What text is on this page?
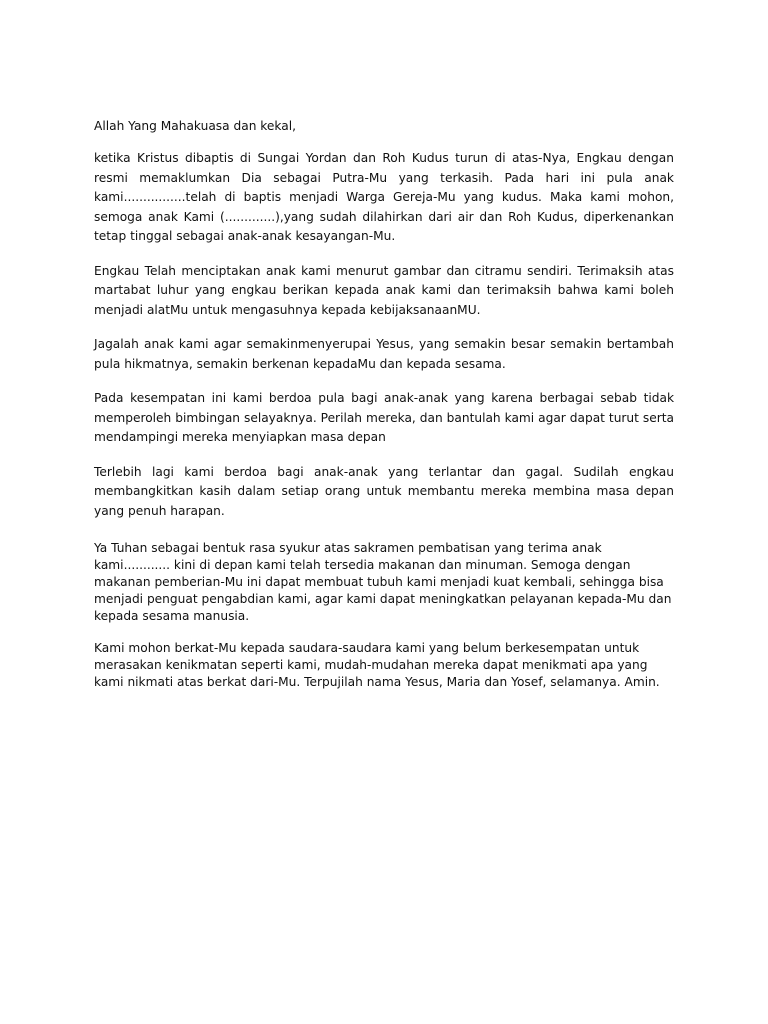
Allah Yang Mahakuasa dan kekal,

ketika Kristus dibaptis di Sungai Yordan dan Roh Kudus turun di atas-Nya, Engkau dengan resmi memaklumkan Dia sebagai Putra-Mu yang terkasih. Pada hari ini pula anak kami................telah di baptis menjadi Warga Gereja-Mu yang kudus. Maka kami mohon, semoga anak Kami (.............),yang sudah dilahirkan dari air dan Roh Kudus, diperkenankan tetap tinggal sebagai anak-anak kesayangan-Mu.

Engkau Telah menciptakan anak kami menurut gambar dan citramu sendiri. Terimaksih atas martabat luhur yang engkau berikan kepada anak kami dan terimaksih bahwa kami boleh menjadi alatMu untuk mengasuhnya kepada kebijaksanaanMU.

Jagalah anak kami agar semakinmenyerupai Yesus, yang semakin besar semakin bertambah pula hikmatnya, semakin berkenan kepadaMu dan kepada sesama.

Pada kesempatan ini kami berdoa pula bagi anak-anak yang karena berbagai sebab tidak memperoleh bimbingan selayaknya. Perilah mereka, dan bantulah kami agar dapat turut serta mendampingi mereka menyiapkan masa depan

Terlebih lagi kami berdoa bagi anak-anak yang terlantar dan gagal. Sudilah engkau membangkitkan kasih dalam setiap orang untuk membantu mereka membina masa depan yang penuh harapan.

Ya Tuhan sebagai bentuk rasa syukur atas sakramen pembatisan yang terima anak kami............ kini di depan kami telah tersedia makanan dan minuman. Semoga dengan makanan pemberian-Mu ini dapat membuat tubuh kami menjadi kuat kembali, sehingga bisa menjadi penguat pengabdian kami, agar kami dapat meningkatkan pelayanan kepada-Mu dan kepada sesama manusia.

Kami mohon berkat-Mu kepada saudara-saudara kami yang belum berkesempatan untuk merasakan kenikmatan seperti kami, mudah-mudahan mereka dapat menikmati apa yang kami nikmati atas berkat dari-Mu. Terpujilah nama Yesus, Maria dan Yosef, selamanya. Amin.
